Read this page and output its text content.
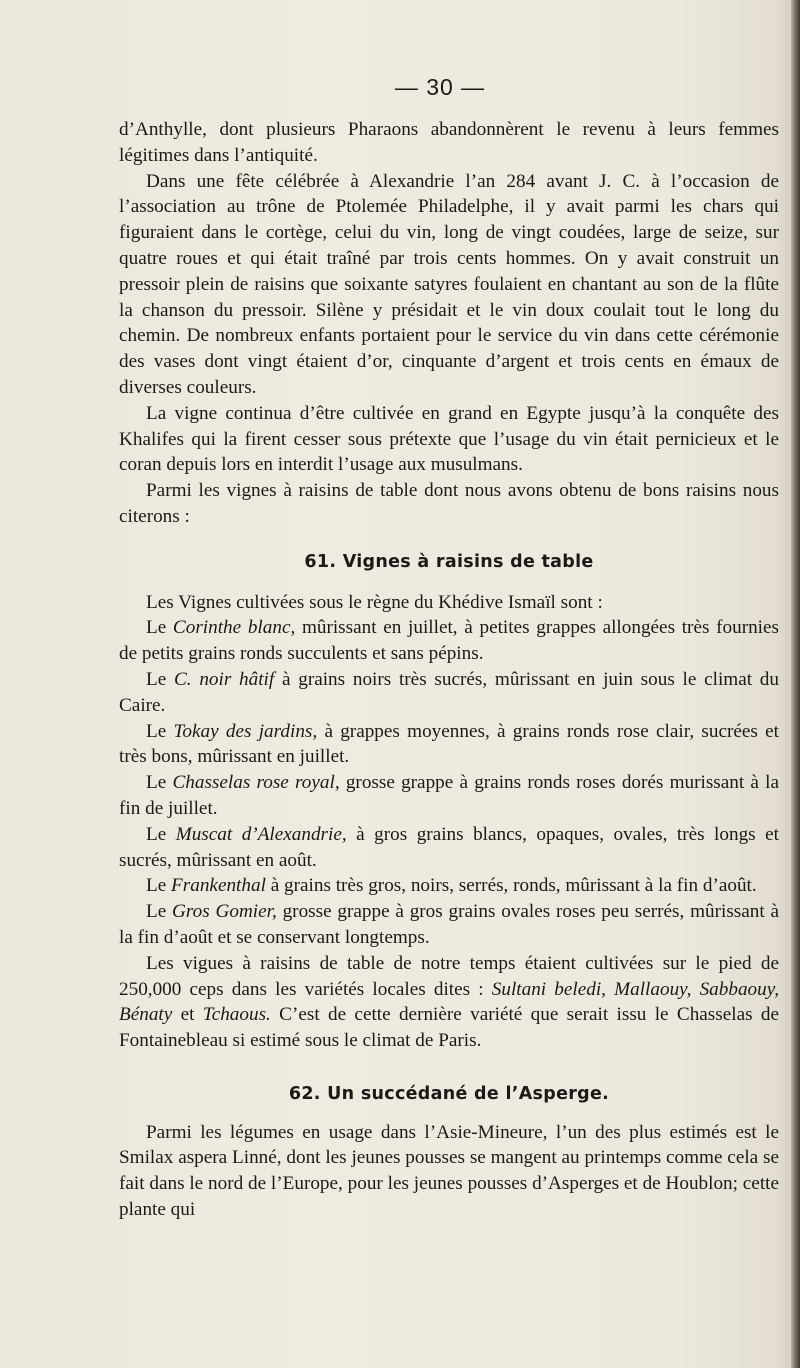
— 30 —

d’Anthylle, dont plusieurs Pharaons abandonnèrent le revenu à leurs femmes légitimes dans l’antiquité.

Dans une fête célébrée à Alexandrie l’an 284 avant J. C. à l’occasion de l’association au trône de Ptolemée Philadelphe, il y avait parmi les chars qui figuraient dans le cortège, celui du vin, long de vingt coudées, large de seize, sur quatre roues et qui était traîné par trois cents hommes. On y avait construit un pressoir plein de raisins que soixante satyres foulaient en chantant au son de la flûte la chanson du pressoir. Silène y présidait et le vin doux coulait tout le long du chemin. De nombreux enfants portaient pour le service du vin dans cette cérémonie des vases dont vingt étaient d’or, cinquante d’argent et trois cents en émaux de diverses couleurs.

La vigne continua d’être cultivée en grand en Egypte jusqu’à la conquête des Khalifes qui la firent cesser sous prétexte que l’usage du vin était pernicieux et le coran depuis lors en interdit l’usage aux musulmans.

Parmi les vignes à raisins de table dont nous avons obtenu de bons raisins nous citerons :

61. Vignes à raisins de table

Les Vignes cultivées sous le règne du Khédive Ismaïl sont :

Le Corinthe blanc, mûrissant en juillet, à petites grappes allongées très fournies de petits grains ronds succulents et sans pépins.

Le C. noir hâtif à grains noirs très sucrés, mûrissant en juin sous le climat du Caire.

Le Tokay des jardins, à grappes moyennes, à grains ronds rose clair, sucrées et très bons, mûrissant en juillet.

Le Chasselas rose royal, grosse grappe à grains ronds roses dorés murissant à la fin de juillet.

Le Muscat d’Alexandrie, à gros grains blancs, opaques, ovales, très longs et sucrés, mûrissant en août.

Le Frankenthal à grains très gros, noirs, serrés, ronds, mûrissant à la fin d’août.

Le Gros Gomier, grosse grappe à gros grains ovales roses peu serrés, mûrissant à la fin d’août et se conservant longtemps.

Les vigues à raisins de table de notre temps étaient cultivées sur le pied de 250,000 ceps dans les variétés locales dites : Sultani beledi, Mallaouy, Sabbaouy, Bénaty et Tchaous. C’est de cette dernière variété que serait issu le Chasselas de Fontainebleau si estimé sous le climat de Paris.

62. Un succédané de l’Asperge.

Parmi les légumes en usage dans l’Asie-Mineure, l’un des plus estimés est le Smilax aspera Linné, dont les jeunes pousses se mangent au printemps comme cela se fait dans le nord de l’Europe, pour les jeunes pousses d’Asperges et de Houblon; cette plante qui
